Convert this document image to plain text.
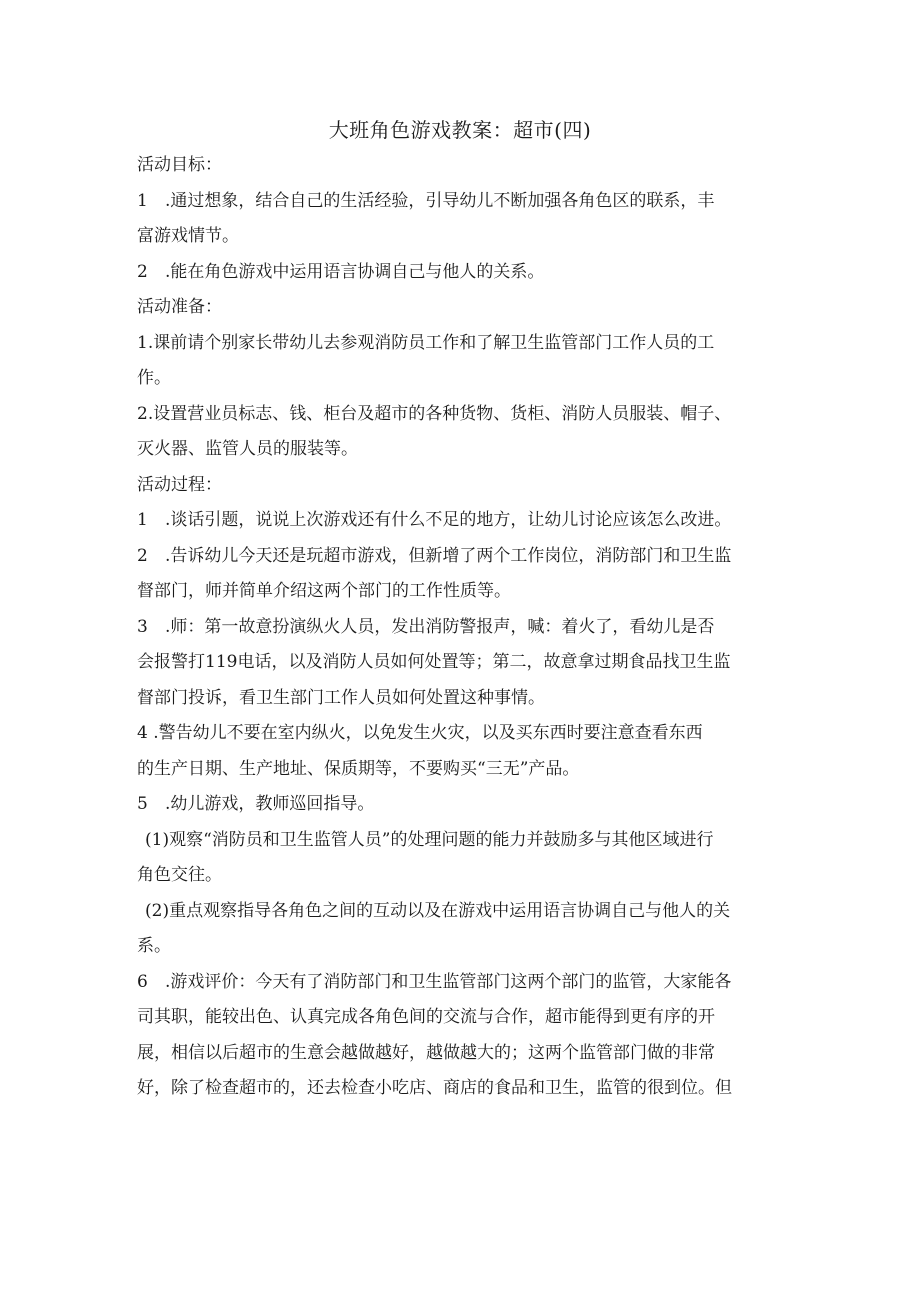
大班角色游戏教案：超市(四)

活动目标：

1 .通过想象，结合自己的生活经验，引导幼儿不断加强各角色区的联系，丰

富游戏情节。

2 .能在角色游戏中运用语言协调自己与他人的关系。

活动准备：

1.课前请个别家长带幼儿去参观消防员工作和了解卫生监管部门工作人员的工

作。

2.设置营业员标志、钱、柜台及超市的各种货物、货柜、消防人员服装、帽子、

灭火器、监管人员的服装等。

活动过程：

1 .谈话引题，说说上次游戏还有什么不足的地方，让幼儿讨论应该怎么改进。

2 .告诉幼儿今天还是玩超市游戏，但新增了两个工作岗位，消防部门和卫生监

督部门，师并简单介绍这两个部门的工作性质等。

3 .师：第一故意扮演纵火人员，发出消防警报声，喊：着火了，看幼儿是否

会报警打119电话，以及消防人员如何处置等；第二，故意拿过期食品找卫生监

督部门投诉，看卫生部门工作人员如何处置这种事情。

4 .警告幼儿不要在室内纵火，以免发生火灾，以及买东西时要注意查看东西

的生产日期、生产地址、保质期等，不要购买“三无”产品。

5 .幼儿游戏，教师巡回指导。

(1)观察“消防员和卫生监管人员”的处理问题的能力并鼓励多与其他区域进行

角色交往。

(2)重点观察指导各角色之间的互动以及在游戏中运用语言协调自己与他人的关

系。

6 .游戏评价：今天有了消防部门和卫生监管部门这两个部门的监管，大家能各

司其职，能较出色、认真完成各角色间的交流与合作，超市能得到更有序的开

展，相信以后超市的生意会越做越好，越做越大的；这两个监管部门做的非常

好，除了检查超市的，还去检查小吃店、商店的食品和卫生，监管的很到位。但
